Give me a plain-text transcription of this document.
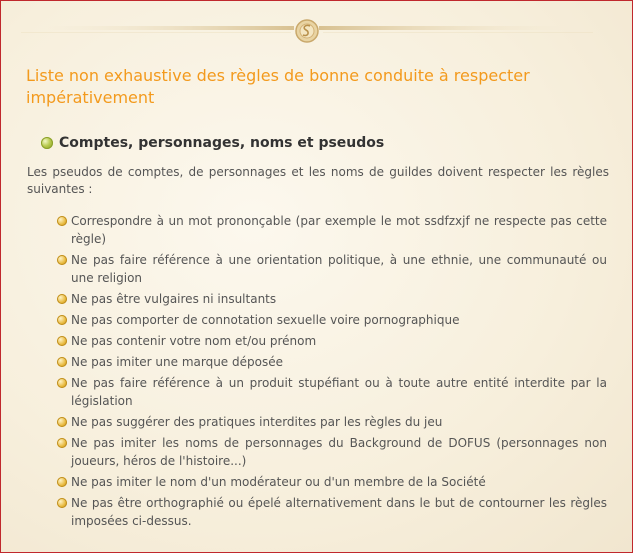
Liste non exhaustive des règles de bonne conduite à respecter impérativement
Comptes, personnages, noms et pseudos
Les pseudos de comptes, de personnages et les noms de guildes doivent respecter les règles suivantes :
Correspondre à un mot prononçable (par exemple le mot ssdfzxjf ne respecte pas cette règle)
Ne pas faire référence à une orientation politique, à une ethnie, une communauté ou une religion
Ne pas être vulgaires ni insultants
Ne pas comporter de connotation sexuelle voire pornographique
Ne pas contenir votre nom et/ou prénom
Ne pas imiter une marque déposée
Ne pas faire référence à un produit stupéfiant ou à toute autre entité interdite par la législation
Ne pas suggérer des pratiques interdites par les règles du jeu
Ne pas imiter les noms de personnages du Background de DOFUS (personnages non joueurs, héros de l'histoire...)
Ne pas imiter le nom d'un modérateur ou d'un membre de la Société
Ne pas être orthographié ou épelé alternativement dans le but de contourner les règles imposées ci-dessus.
